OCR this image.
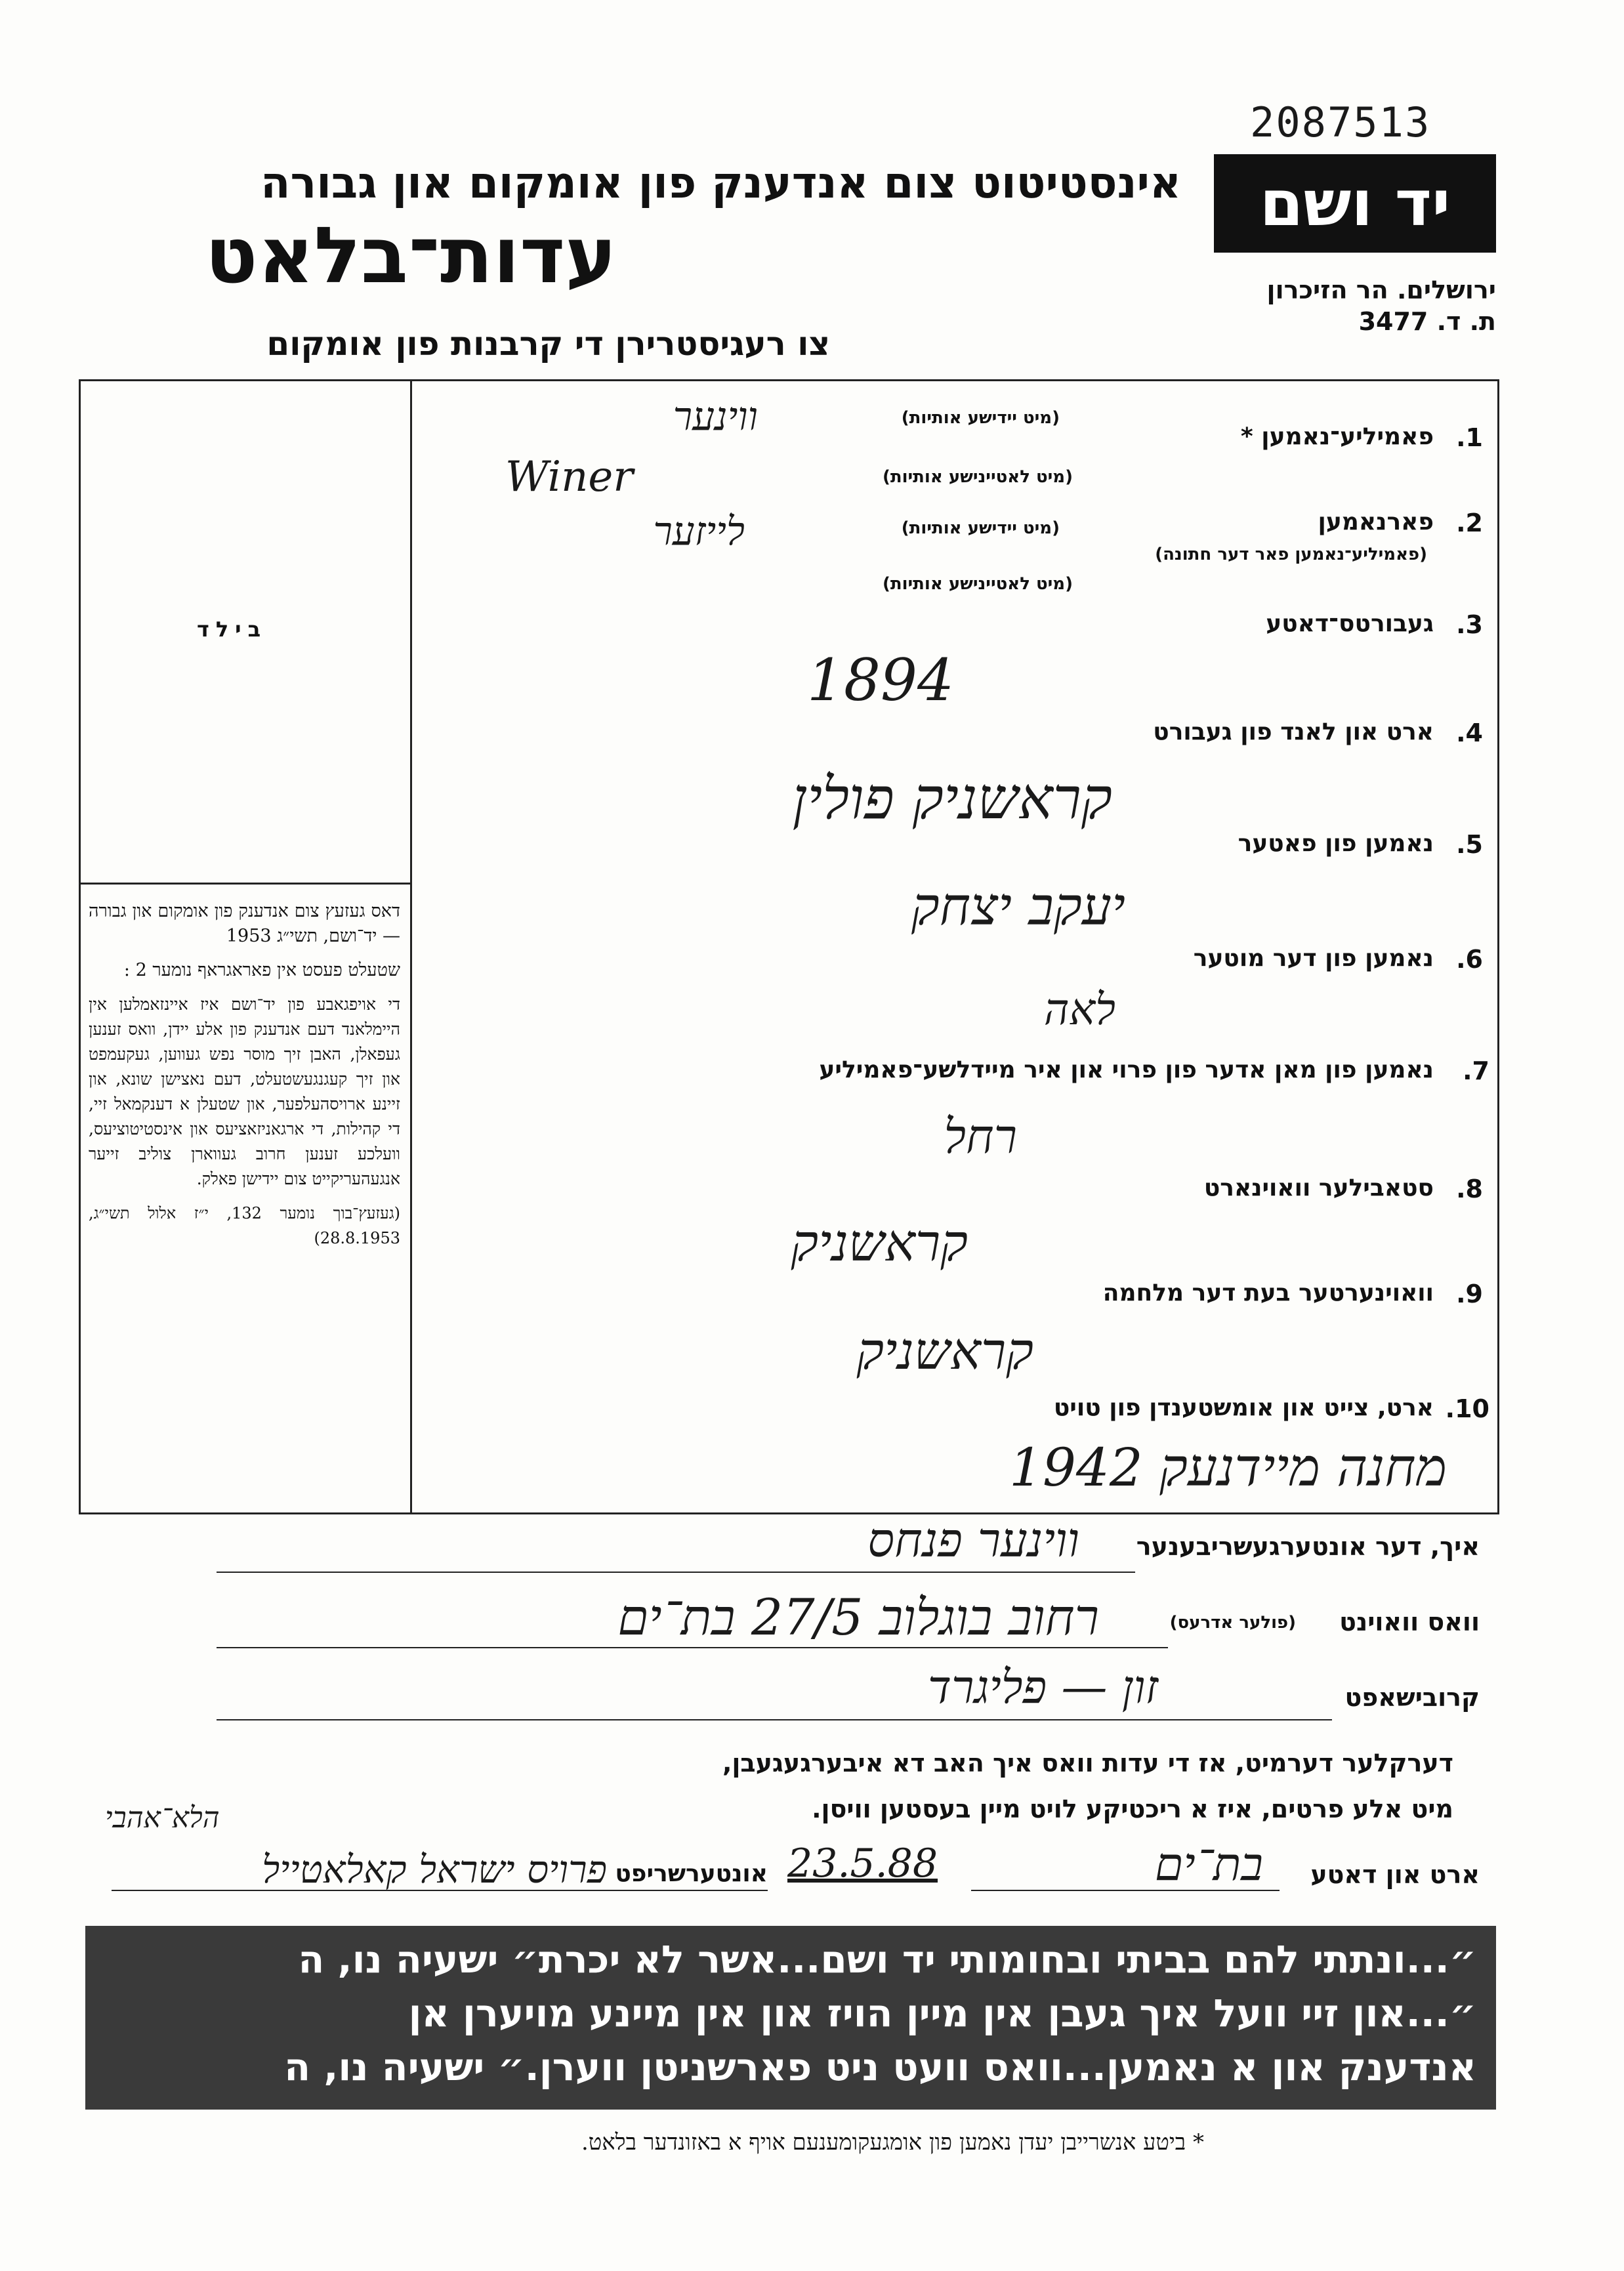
2087513
יד ושם
ירושלים. הר הזיכרון
ת. ד. 3477
אינסטיטוט צום אנדענק פון אומקום און גבורה
עדות־בלאט
צו רעגיסטרירן די קרבנות פון אומקום
בילד

דאס געזעץ צום אנדענק פון אומקום און גבורה — יד־ושם, תשי״ג 1953

שטעלט פעסט אין פאראגראף נומער 2 :

די אויפגאבע פון יד־ושם איז איינזאמלען אין היימלאנד דעם אנדענק פון אלע יידן, וואס זענען געפאלן, האבן זיך מוסר נפש געווען, געקעמפט און זיך קעגנגעשטעלט, דעם נאצישן שונא, און זיינע ארויסהעלפער, און שטעלן א דענקמאל זיי, די קהילות, די ארגאניזאציעס און אינסטיטוציעס, וועלכע זענען חרוב געווארן צוליב זייער אנגעהעריקייט צום יידישן פאלק.

(געזעץ־בוך נומער 132, י״ז אלול תשי״ג, 28.8.1953)

1.
פאמיליע־נאמען *
(מיט יידישע אותיות)
(מיט לאטיינישע אותיות)
ווינער
Winer
2.
פארנאמען
(פאמיליע־נאמען פאר דער חתונה)
(מיט יידישע אותיות)
(מיט לאטיינישע אותיות)
לייזער
3.
געבורטס־דאטע
1894
4.
ארט און לאנד פון געבורט
קראשניק פולין
5.
נאמען פון פאטער
יעקב יצחק
6.
נאמען פון דער מוטער
לאה
7.
נאמען פון מאן אדער פון פרוי און איר מיידלשע־פאמיליע
רחל
8.
סטאבילער וואוינארט
קראשניק
9.
וואוינערטער בעת דער מלחמה
קראשניק
10.
ארט, צייט און אומשטענדן פון טויט
מחנה מיידנעק 1942
איך, דער אונטערגעשריבענער
ווינער פנחס
וואס וואוינט
(פולער אדרעס)
רחוב בוגלוב 27/5 בת־ים
קרובישאפט
זון — פליגרד
דערקלער דערמיט, אז די עדות וואס איך האב דא איבערגעגעבן,
מיט אלע פרטים, איז א ריכטיקע לויט מיין בעסטען וויסן.
ארט און דאטע
בת־ים
23.5.88
אונטערשריפט
פרויס ישראל קאלאטייל
הלא־אהבי
״...ונתתי להם בביתי ובחומותי יד ושם...אשר לא יכרת״ ישעיה נו, ה
״...און זיי וועל איך געבן אין מיין הויז און אין מיינע מויערן אן
אנדענק און א נאמען...וואס וועט ניט פארשניטן ווערן.״ ישעיה נו, ה
* ביטע אנשרייבן יעדן נאמען פון אומגעקומענעם אויף א באזונדער בלאט.
